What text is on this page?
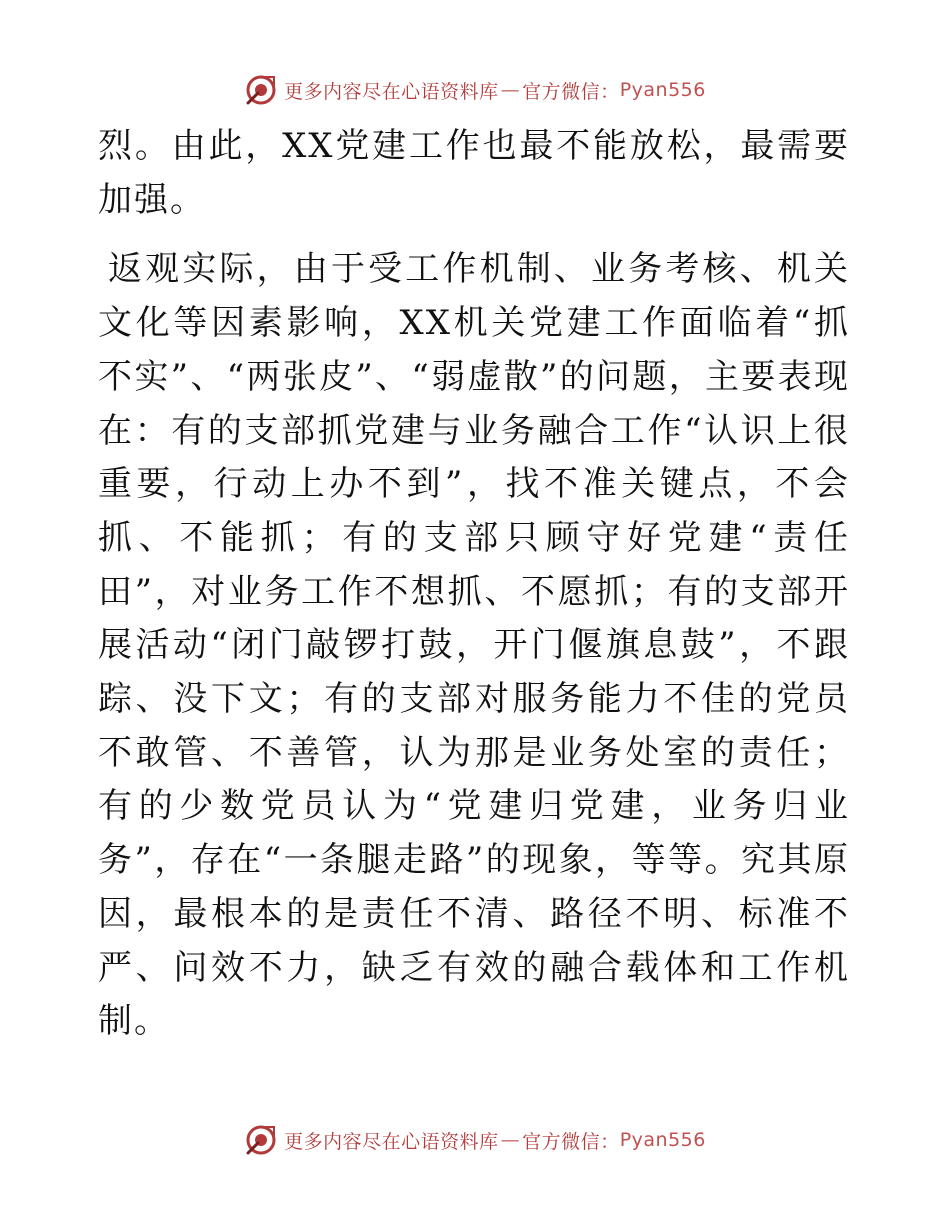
更多内容尽在心语资料库 — 官方微信： Pyan556

烈。由此，XX党建工作也最不能放松，最需要加强。

返观实际，由于受工作机制、业务考核、机关文化等因素影响，XX机关党建工作面临着“抓不实”、“两张皮”、“弱虚散”的问题，主要表现在：有的支部抓党建与业务融合工作“认识上很重要，行动上办不到”，找不准关键点，不会抓、不能抓；有的支部只顾守好党建“责任田”，对业务工作不想抓、不愿抓；有的支部开展活动“闭门敲锣打鼓，开门偃旗息鼓”，不跟踪、没下文；有的支部对服务能力不佳的党员不敢管、不善管，认为那是业务处室的责任；有的少数党员认为“党建归党建，业务归业务”，存在“一条腿走路”的现象，等等。究其原因，最根本的是责任不清、路径不明、标准不严、问效不力，缺乏有效的融合载体和工作机制。

更多内容尽在心语资料库 — 官方微信： Pyan556
